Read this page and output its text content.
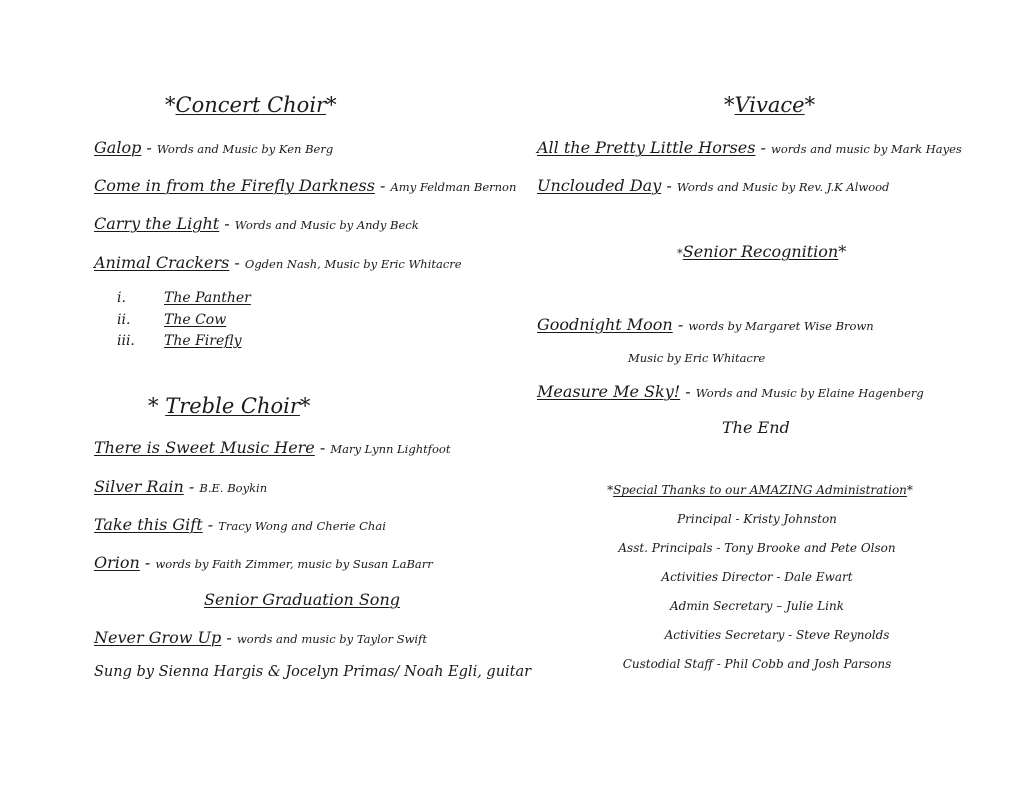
*Concert Choir*
Galop - Words and Music by Ken Berg
Come in from the Firefly Darkness - Amy Feldman Bernon
Carry the Light - Words and Music by Andy Beck
Animal Crackers - Ogden Nash, Music by Eric Whitacre
i.	The Panther
ii. The Cow
iii. The Firefly
* Treble Choir*
There is Sweet Music Here - Mary Lynn Lightfoot
Silver Rain - B.E. Boykin
Take this Gift - Tracy Wong and Cherie Chai
Orion - words by Faith Zimmer, music by Susan LaBarr
Senior Graduation Song
Never Grow Up - words and music by Taylor Swift
Sung by Sienna Hargis & Jocelyn Primas/ Noah Egli, guitar
*Vivace*
All the Pretty Little Horses - words and music by Mark Hayes
Unclouded Day - Words and Music by Rev. J.K Alwood
*Senior Recognition*
Goodnight Moon - words by Margaret Wise Brown
Music by Eric Whitacre
Measure Me Sky! - Words and Music by Elaine Hagenberg
The End
*Special Thanks to our AMAZING Administration*
Principal - Kristy Johnston
Asst. Principals - Tony Brooke and Pete Olson
Activities Director - Dale Ewart
Admin Secretary – Julie Link
Activities Secretary - Steve Reynolds
Custodial Staff - Phil Cobb and Josh Parsons
